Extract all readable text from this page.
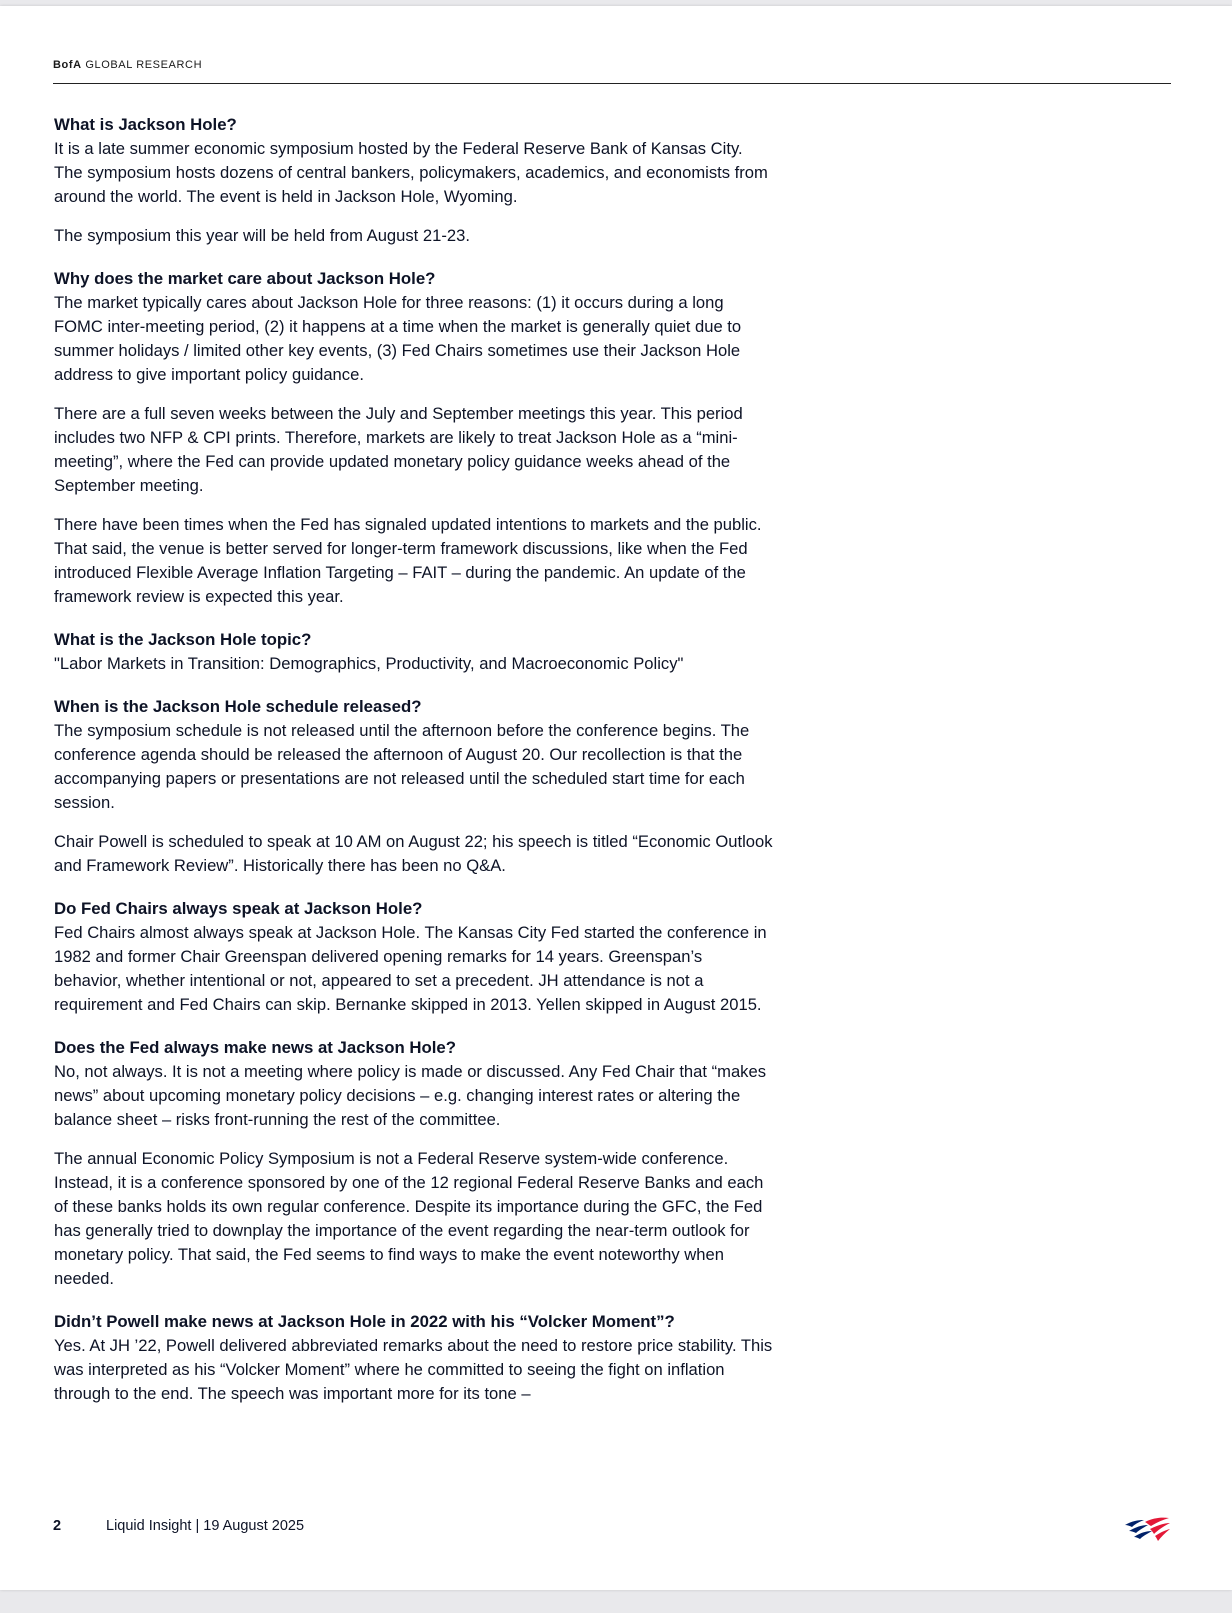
BofA GLOBAL RESEARCH

What is Jackson Hole?

It is a late summer economic symposium hosted by the Federal Reserve Bank of Kansas City. The symposium hosts dozens of central bankers, policymakers, academics, and economists from around the world. The event is held in Jackson Hole, Wyoming.

The symposium this year will be held from August 21-23.

Why does the market care about Jackson Hole?

The market typically cares about Jackson Hole for three reasons: (1) it occurs during a long FOMC inter-meeting period, (2) it happens at a time when the market is generally quiet due to summer holidays / limited other key events, (3) Fed Chairs sometimes use their Jackson Hole address to give important policy guidance.

There are a full seven weeks between the July and September meetings this year. This period includes two NFP & CPI prints. Therefore, markets are likely to treat Jackson Hole as a “mini-meeting”, where the Fed can provide updated monetary policy guidance weeks ahead of the September meeting.

There have been times when the Fed has signaled updated intentions to markets and the public. That said, the venue is better served for longer-term framework discussions, like when the Fed introduced Flexible Average Inflation Targeting – FAIT – during the pandemic. An update of the framework review is expected this year.

What is the Jackson Hole topic?

"Labor Markets in Transition: Demographics, Productivity, and Macroeconomic Policy"

When is the Jackson Hole schedule released?

The symposium schedule is not released until the afternoon before the conference begins. The conference agenda should be released the afternoon of August 20. Our recollection is that the accompanying papers or presentations are not released until the scheduled start time for each session.

Chair Powell is scheduled to speak at 10 AM on August 22; his speech is titled “Economic Outlook and Framework Review”. Historically there has been no Q&A.

Do Fed Chairs always speak at Jackson Hole?

Fed Chairs almost always speak at Jackson Hole. The Kansas City Fed started the conference in 1982 and former Chair Greenspan delivered opening remarks for 14 years. Greenspan’s behavior, whether intentional or not, appeared to set a precedent. JH attendance is not a requirement and Fed Chairs can skip. Bernanke skipped in 2013. Yellen skipped in August 2015.

Does the Fed always make news at Jackson Hole?

No, not always. It is not a meeting where policy is made or discussed. Any Fed Chair that “makes news” about upcoming monetary policy decisions – e.g. changing interest rates or altering the balance sheet – risks front-running the rest of the committee.

The annual Economic Policy Symposium is not a Federal Reserve system-wide conference. Instead, it is a conference sponsored by one of the 12 regional Federal Reserve Banks and each of these banks holds its own regular conference. Despite its importance during the GFC, the Fed has generally tried to downplay the importance of the event regarding the near-term outlook for monetary policy. That said, the Fed seems to find ways to make the event noteworthy when needed.

Didn’t Powell make news at Jackson Hole in 2022 with his “Volcker Moment”?

Yes. At JH ’22, Powell delivered abbreviated remarks about the need to restore price stability. This was interpreted as his “Volcker Moment” where he committed to seeing the fight on inflation through to the end. The speech was important more for its tone –

2	Liquid Insight | 19 August 2025
